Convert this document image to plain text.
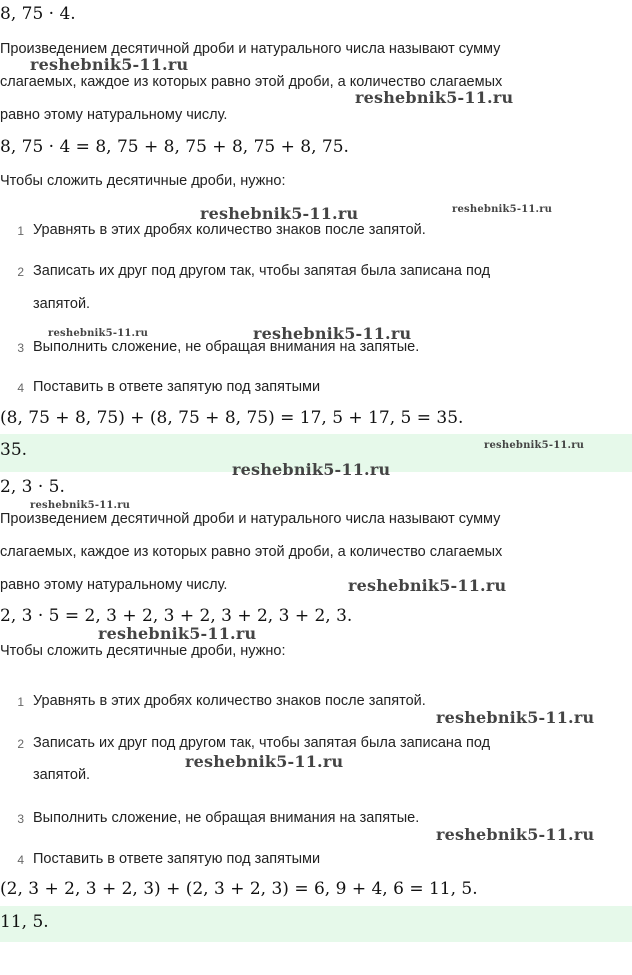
8, 75 · 4.
Произведением десятичной дроби и натурального числа называют сумму
слагаемых, каждое из которых равно этой дроби, а количество слагаемых
равно этому натуральному числу.
8, 75 · 4 = 8, 75 + 8, 75 + 8, 75 + 8, 75.
Чтобы сложить десятичные дроби, нужно:
1 Уравнять в этих дробях количество знаков после запятой.
2 Записать их друг под другом так, чтобы запятая была записана под
запятой.
3 Выполнить сложение, не обращая внимания на запятые.
4 Поставить в ответе запятую под запятыми
(8, 75 + 8, 75) + (8, 75 + 8, 75) = 17, 5 + 17, 5 = 35.
35.
2, 3 · 5.
Произведением десятичной дроби и натурального числа называют сумму
слагаемых, каждое из которых равно этой дроби, а количество слагаемых
равно этому натуральному числу.
2, 3 · 5 = 2, 3 + 2, 3 + 2, 3 + 2, 3 + 2, 3.
Чтобы сложить десятичные дроби, нужно:
1 Уравнять в этих дробях количество знаков после запятой.
2 Записать их друг под другом так, чтобы запятая была записана под
запятой.
3 Выполнить сложение, не обращая внимания на запятые.
4 Поставить в ответе запятую под запятыми
(2, 3 + 2, 3 + 2, 3) + (2, 3 + 2, 3) = 6, 9 + 4, 6 = 11, 5.
11, 5.
reshebnik5-11.ru
reshebnik5-11.ru
reshebnik5-11.ru	reshebnik5-11.ru
reshebnik5-11.ru	reshebnik5-11.ru
reshebnik5-11.ru
reshebnik5-11.ru
reshebnik5-11.ru
reshebnik5-11.ru
reshebnik5-11.ru
reshebnik5-11.ru
reshebnik5-11.ru
reshebnik5-11.ru
